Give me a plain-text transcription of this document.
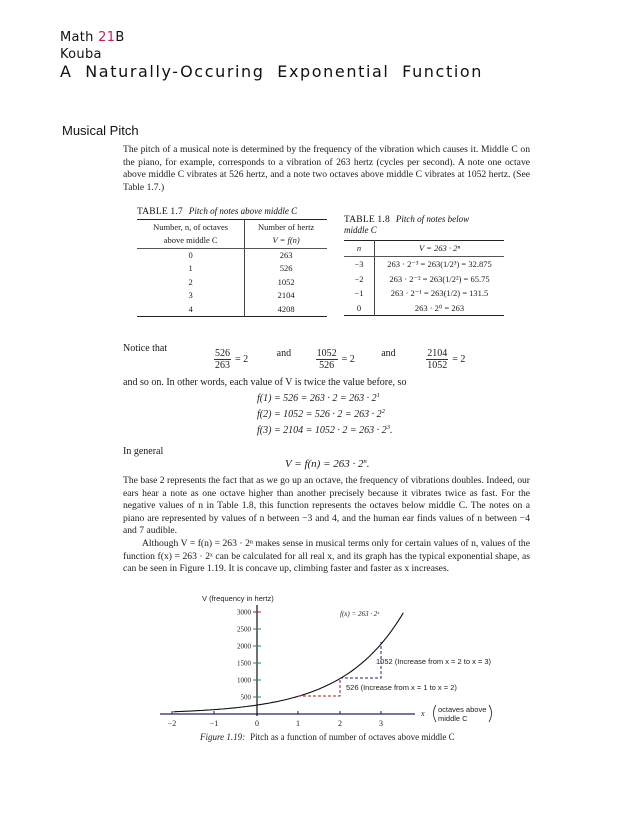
Math 21B
Kouba
A Naturally-Occuring Exponential Function
Musical Pitch

The pitch of a musical note is determined by the frequency of the vibration which causes it. Middle C on the piano, for example, corresponds to a vibration of 263 hertz (cycles per second). A note one octave above middle C vibrates at 526 hertz, and a note two octaves above middle C vibrates at 1052 hertz. (See Table 1.7.)

TABLE 1.7 Pitch of notes above middle C
Number, n, of octaves
above middle C

Number of hertz
V = f(n)

0	263
1	526
2	1052
3	2104
4	4208
TABLE 1.8 Pitch of notes below
middle C
n	V = 263 · 2ⁿ
−3	263 · 2⁻³ = 263(1/2³) = 32.875
−2	263 · 2⁻² = 263(1/2²) = 65.75
−1	263 · 2⁻¹ = 263(1/2) = 131.5
0	263 · 2⁰ = 263
Notice that	$\frac{526}{263} = 2$
and $\frac{1052}{526} = 2$
and	$\frac{2104}{1052} = 2$
and so on. In other words, each value of V is twice the value before, so
$f(1) = 526 = 263 \cdot 2 = 263 \cdot 2^1$
$f(2) = 1052 = 526 \cdot 2 = 263 \cdot 2^2$
$f(3) = 2104 = 1052 \cdot 2 = 263 \cdot 2^3$.
In general
$V = f(n) = 263 \cdot 2^n$.

The base 2 represents the fact that as we go up an octave, the frequency of vibrations doubles. Indeed, our ears hear a note as one octave higher than another precisely because it vibrates twice as fast. For the negative values of n in Table 1.8, this function represents the octaves below middle C. The notes on a piano are represented by values of n between −3 and 4, and the human ear finds values of n between −4 and 7 audible.

Although V = f(n) = 263 · 2ⁿ makes sense in musical terms only for certain values of n, values of the function f(x) = 263 · 2ˣ can be calculated for all real x, and its graph has the typical exponential shape, as can be seen in Figure 1.19. It is concave up, climbing faster and faster as x increases.

V (frequency in hertz)
500
1000
1500
2000
2500
3000
−2	−1	0	1	2	3
f(x) = 263 · 2ˣ
1052 (Increase from x = 2 to x = 3)
526 (Increase from x = 1 to x = 2)
x octaves above
middle C
Figure 1.19: Pitch as a function of number of octaves above middle C
